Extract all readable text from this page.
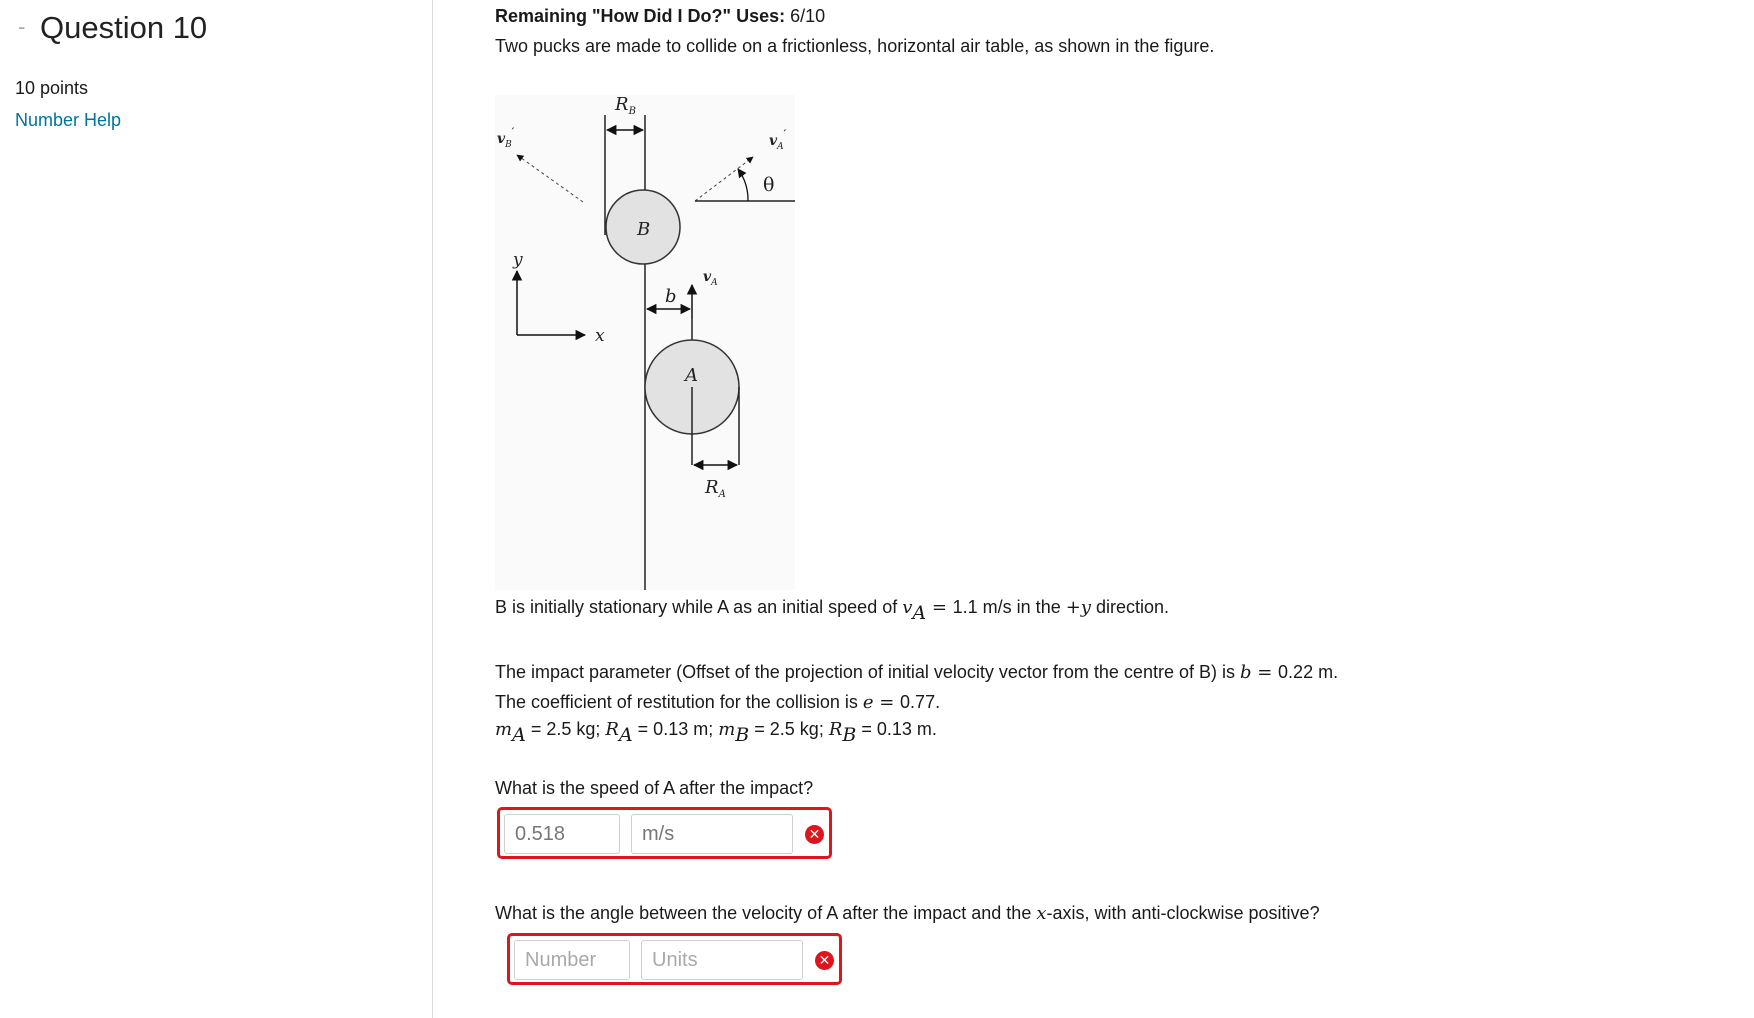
- Question 10
10 points
Number Help
Remaining "How Did I Do?" Uses: 6/10
Two pucks are made to collide on a frictionless, horizontal air table, as shown in the figure.
$R_B$
$v_B'$
$v_A'$
θ
B
y
x
$v_A$
b
A
$R_A$
B is initially stationary while A as an initial speed of vA = 1.1 m/s in the +y direction.
The impact parameter (Offset of the projection of initial velocity vector from the centre of B) is b = 0.22 m.
The coefficient of restitution for the collision is e = 0.77.
mA = 2.5 kg; RA = 0.13 m; mB = 2.5 kg; RB = 0.13 m.
What is the speed of A after the impact?
0.518
m/s
✕
What is the angle between the velocity of A after the impact and the x-axis, with anti-clockwise positive?
Number
Units
✕
